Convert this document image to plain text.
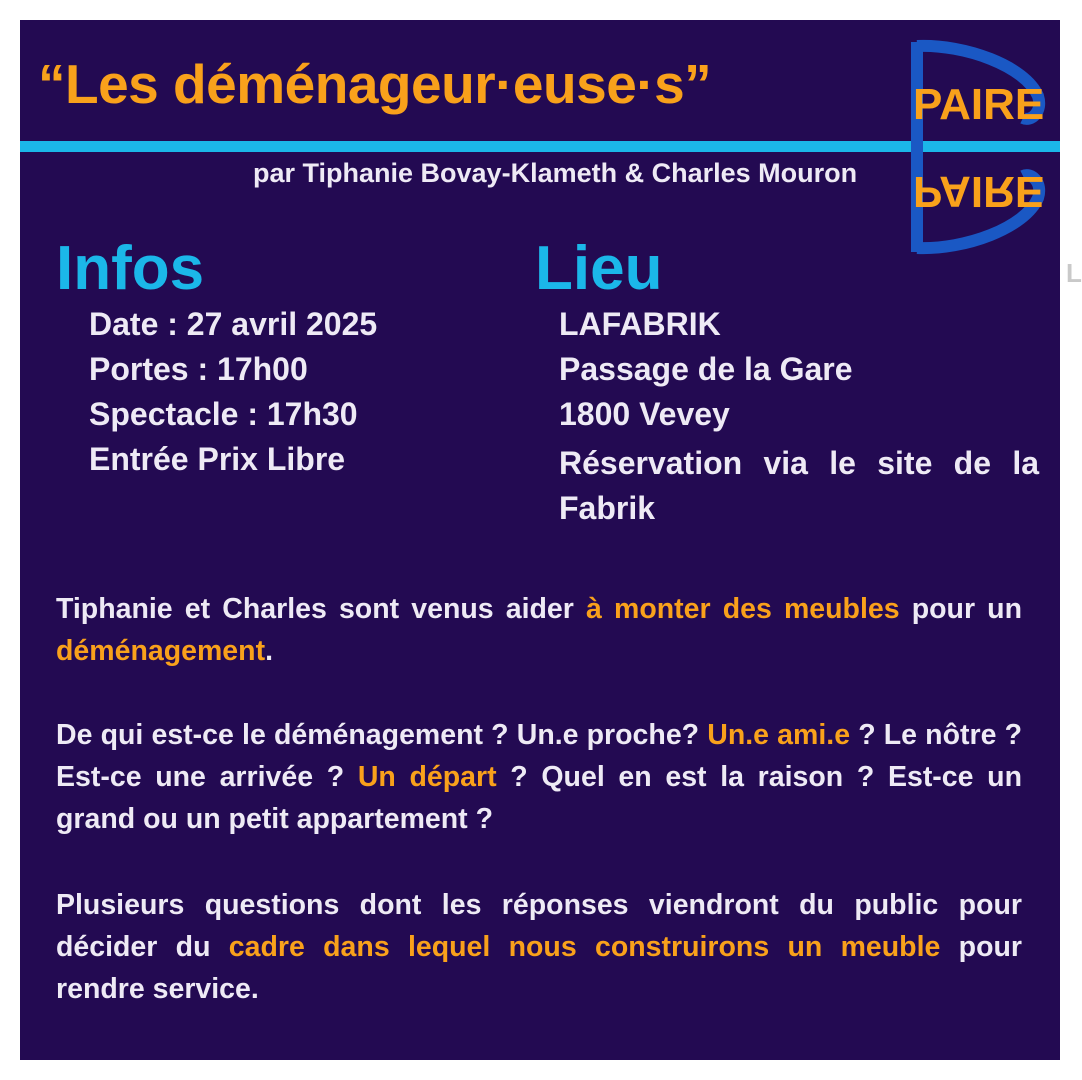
“Les déménageur·euse·s”
par Tiphanie Bovay-Klameth & Charles Mouron
PAIRE
PAIRE
L
Infos
Date : 27 avril 2025
Portes : 17h00
Spectacle : 17h30
Entrée Prix Libre
Lieu
LAFABRIK
Passage de la Gare
1800 Vevey
Réservation via le site de la Fabrik
Tiphanie et Charles sont venus aider à monter des meubles pour un déménagement.
De qui est-ce le déménagement ? Un.e proche? Un.e ami.e ? Le nôtre ? Est-ce une arrivée ? Un départ ? Quel en est la raison ? Est-ce un grand ou un petit appartement ?
Plusieurs questions dont les réponses viendront du public pour décider du cadre dans lequel nous construirons un meuble pour rendre service.
